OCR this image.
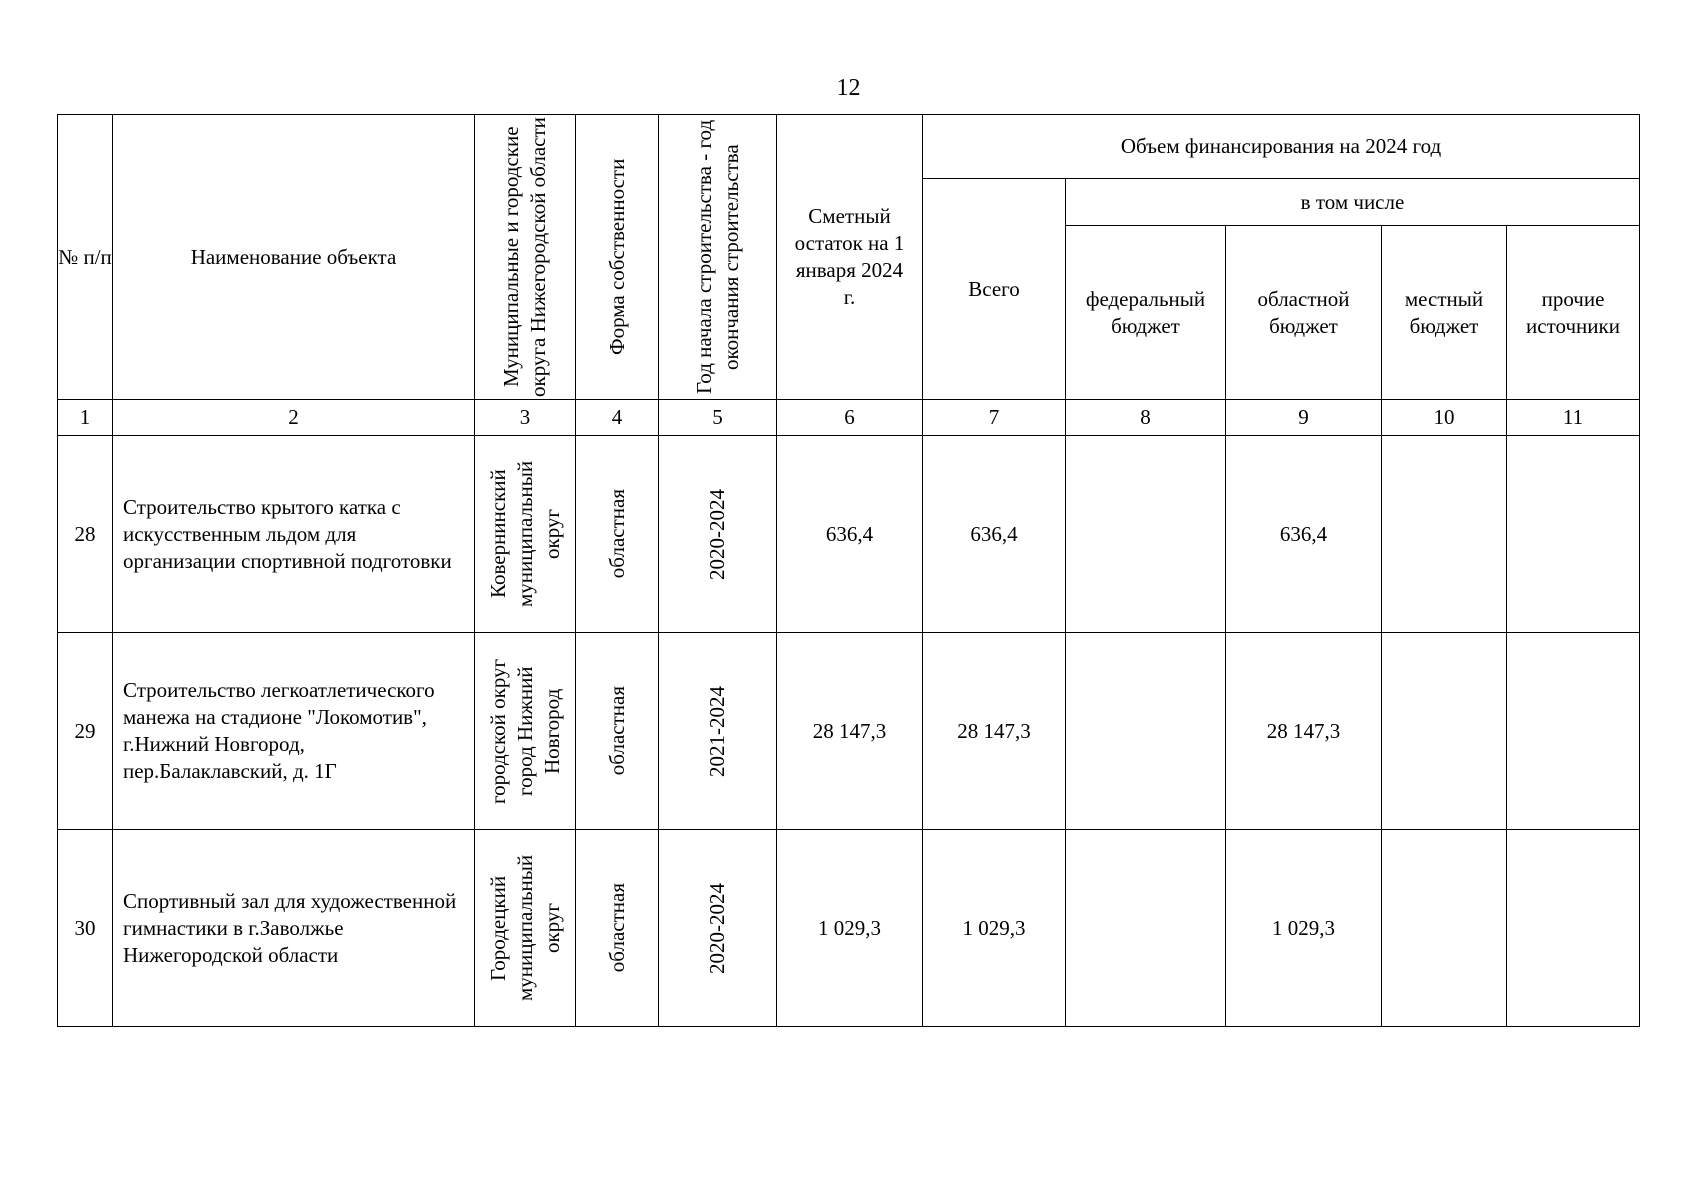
12
№ п/п	Наименование объекта	Муниципальные и городские округа Нижегородской области	Форма собственности	Год начала строительства - год окончания строительства	Сметный остаток на 1 января 2024 г.	Объем финансирования на 2024 год				
						Всего	в том числе			
							федеральный бюджет	областной бюджет	местный бюджет	прочие источники
1	2	3	4	5	6	7	8	9	10	11
28	Строительство крытого катка с искусственным льдом для организации спортивной подготовки	Ковернинский муниципальный округ	областная	2020-2024	636,4	636,4		636,4		
29	Строительство легкоатлетического манежа на стадионе "Локомотив", г.Нижний Новгород, пер.Балаклавский, д. 1Г	городской округ город Нижний Новгород	областная	2021-2024	28 147,3	28 147,3		28 147,3		
30	Спортивный зал для художественной гимнастики в г.Заволжье Нижегородской области	Городецкий муниципальный округ	областная	2020-2024	1 029,3	1 029,3		1 029,3		
